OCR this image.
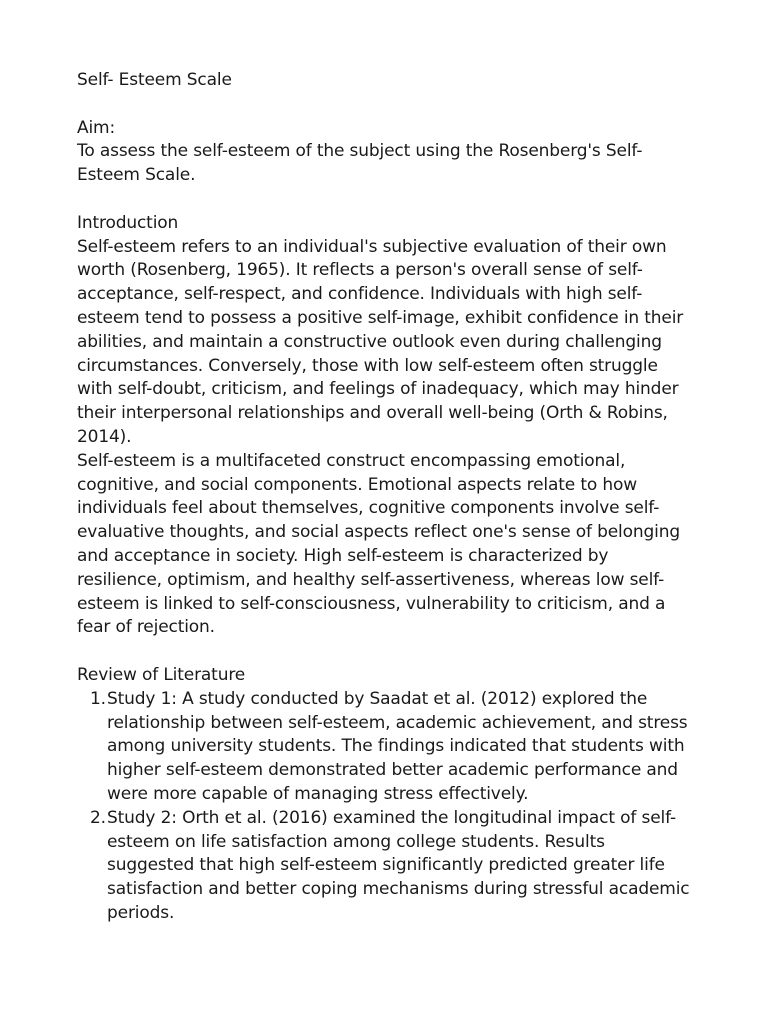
Self- Esteem Scale

Aim:

To assess the self-esteem of the subject using the Rosenberg's Self-Esteem Scale.

Introduction

Self-esteem refers to an individual's subjective evaluation of their own worth (Rosenberg, 1965). It reflects a person's overall sense of self-acceptance, self-respect, and confidence. Individuals with high self-esteem tend to possess a positive self-image, exhibit confidence in their abilities, and maintain a constructive outlook even during challenging circumstances. Conversely, those with low self-esteem often struggle with self-doubt, criticism, and feelings of inadequacy, which may hinder their interpersonal relationships and overall well-being (Orth & Robins, 2014).

Self-esteem is a multifaceted construct encompassing emotional, cognitive, and social components. Emotional aspects relate to how individuals feel about themselves, cognitive components involve self-evaluative thoughts, and social aspects reflect one's sense of belonging and acceptance in society. High self-esteem is characterized by resilience, optimism, and healthy self-assertiveness, whereas low self-esteem is linked to self-consciousness, vulnerability to criticism, and a fear of rejection.

Review of Literature

1. Study 1: A study conducted by Saadat et al. (2012) explored the relationship between self-esteem, academic achievement, and stress among university students. The findings indicated that students with higher self-esteem demonstrated better academic performance and were more capable of managing stress effectively.
2. Study 2: Orth et al. (2016) examined the longitudinal impact of self-esteem on life satisfaction among college students. Results suggested that high self-esteem significantly predicted greater life satisfaction and better coping mechanisms during stressful academic periods.
